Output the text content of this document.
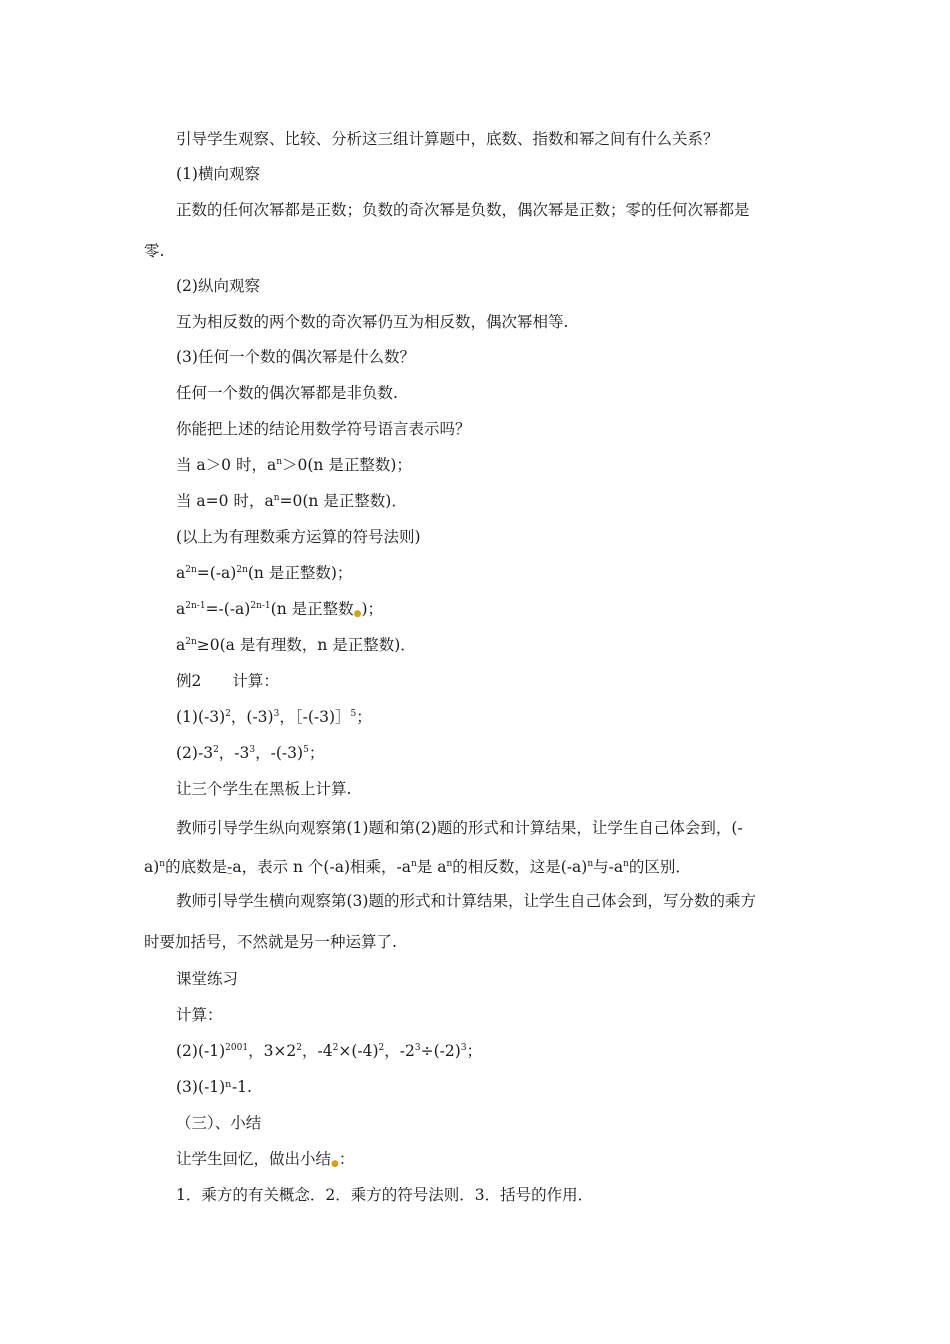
引导学生观察、比较、分析这三组计算题中，底数、指数和幂之间有什么关系？
(1)横向观察
正数的任何次幂都是正数；负数的奇次幂是负数，偶次幂是正数；零的任何次幂都是
零.
(2)纵向观察
互为相反数的两个数的奇次幂仍互为相反数，偶次幂相等.
(3)任何一个数的偶次幂是什么数？
任何一个数的偶次幂都是非负数.
你能把上述的结论用数学符号语言表示吗？
当 a＞0 时，$a^n>0(n$ 是正整数)；
当 a=0 时，$a^n=0(n$ 是正整数)．
(以上为有理数乘方运算的符号法则)
$a^{2n}=(-a)^{2n}(n$ 是正整数)；
$a^{2n-1}=-(-a)^{2n-1}(n$ 是正整数●)；
$a^{2n}\ge 0(a$ 是有理数，n 是正整数)．
例2　　计算：
$(1)(-3)^2$，$(-3)^3$，［-(-3)］$^5$；
$(2)-3^2$，$-3^3$，$-(-3)^5$；
让三个学生在黑板上计算.
教师引导学生纵向观察第(1)题和第(2)题的形式和计算结果，让学生自己体会到，(-
a)$^n$的底数是-a，表示 n 个(-a)相乘，$-a^n$是 $a^n$的相反数，这是$(-a)^n$与$-a^n$的区别．
教师引导学生横向观察第(3)题的形式和计算结果，让学生自己体会到，写分数的乘方
时要加括号，不然就是另一种运算了.
课堂练习
计算：
$(2)(-1)^{2001}$，$3\times 2^2$，$-4^2\times(-4)^2$，$-2^3\div(-2)^3$；
(3)(-1)ⁿ-1.
（三）、小结
让学生回忆，做出小结●：
1．乘方的有关概念．2．乘方的符号法则．3．括号的作用．
